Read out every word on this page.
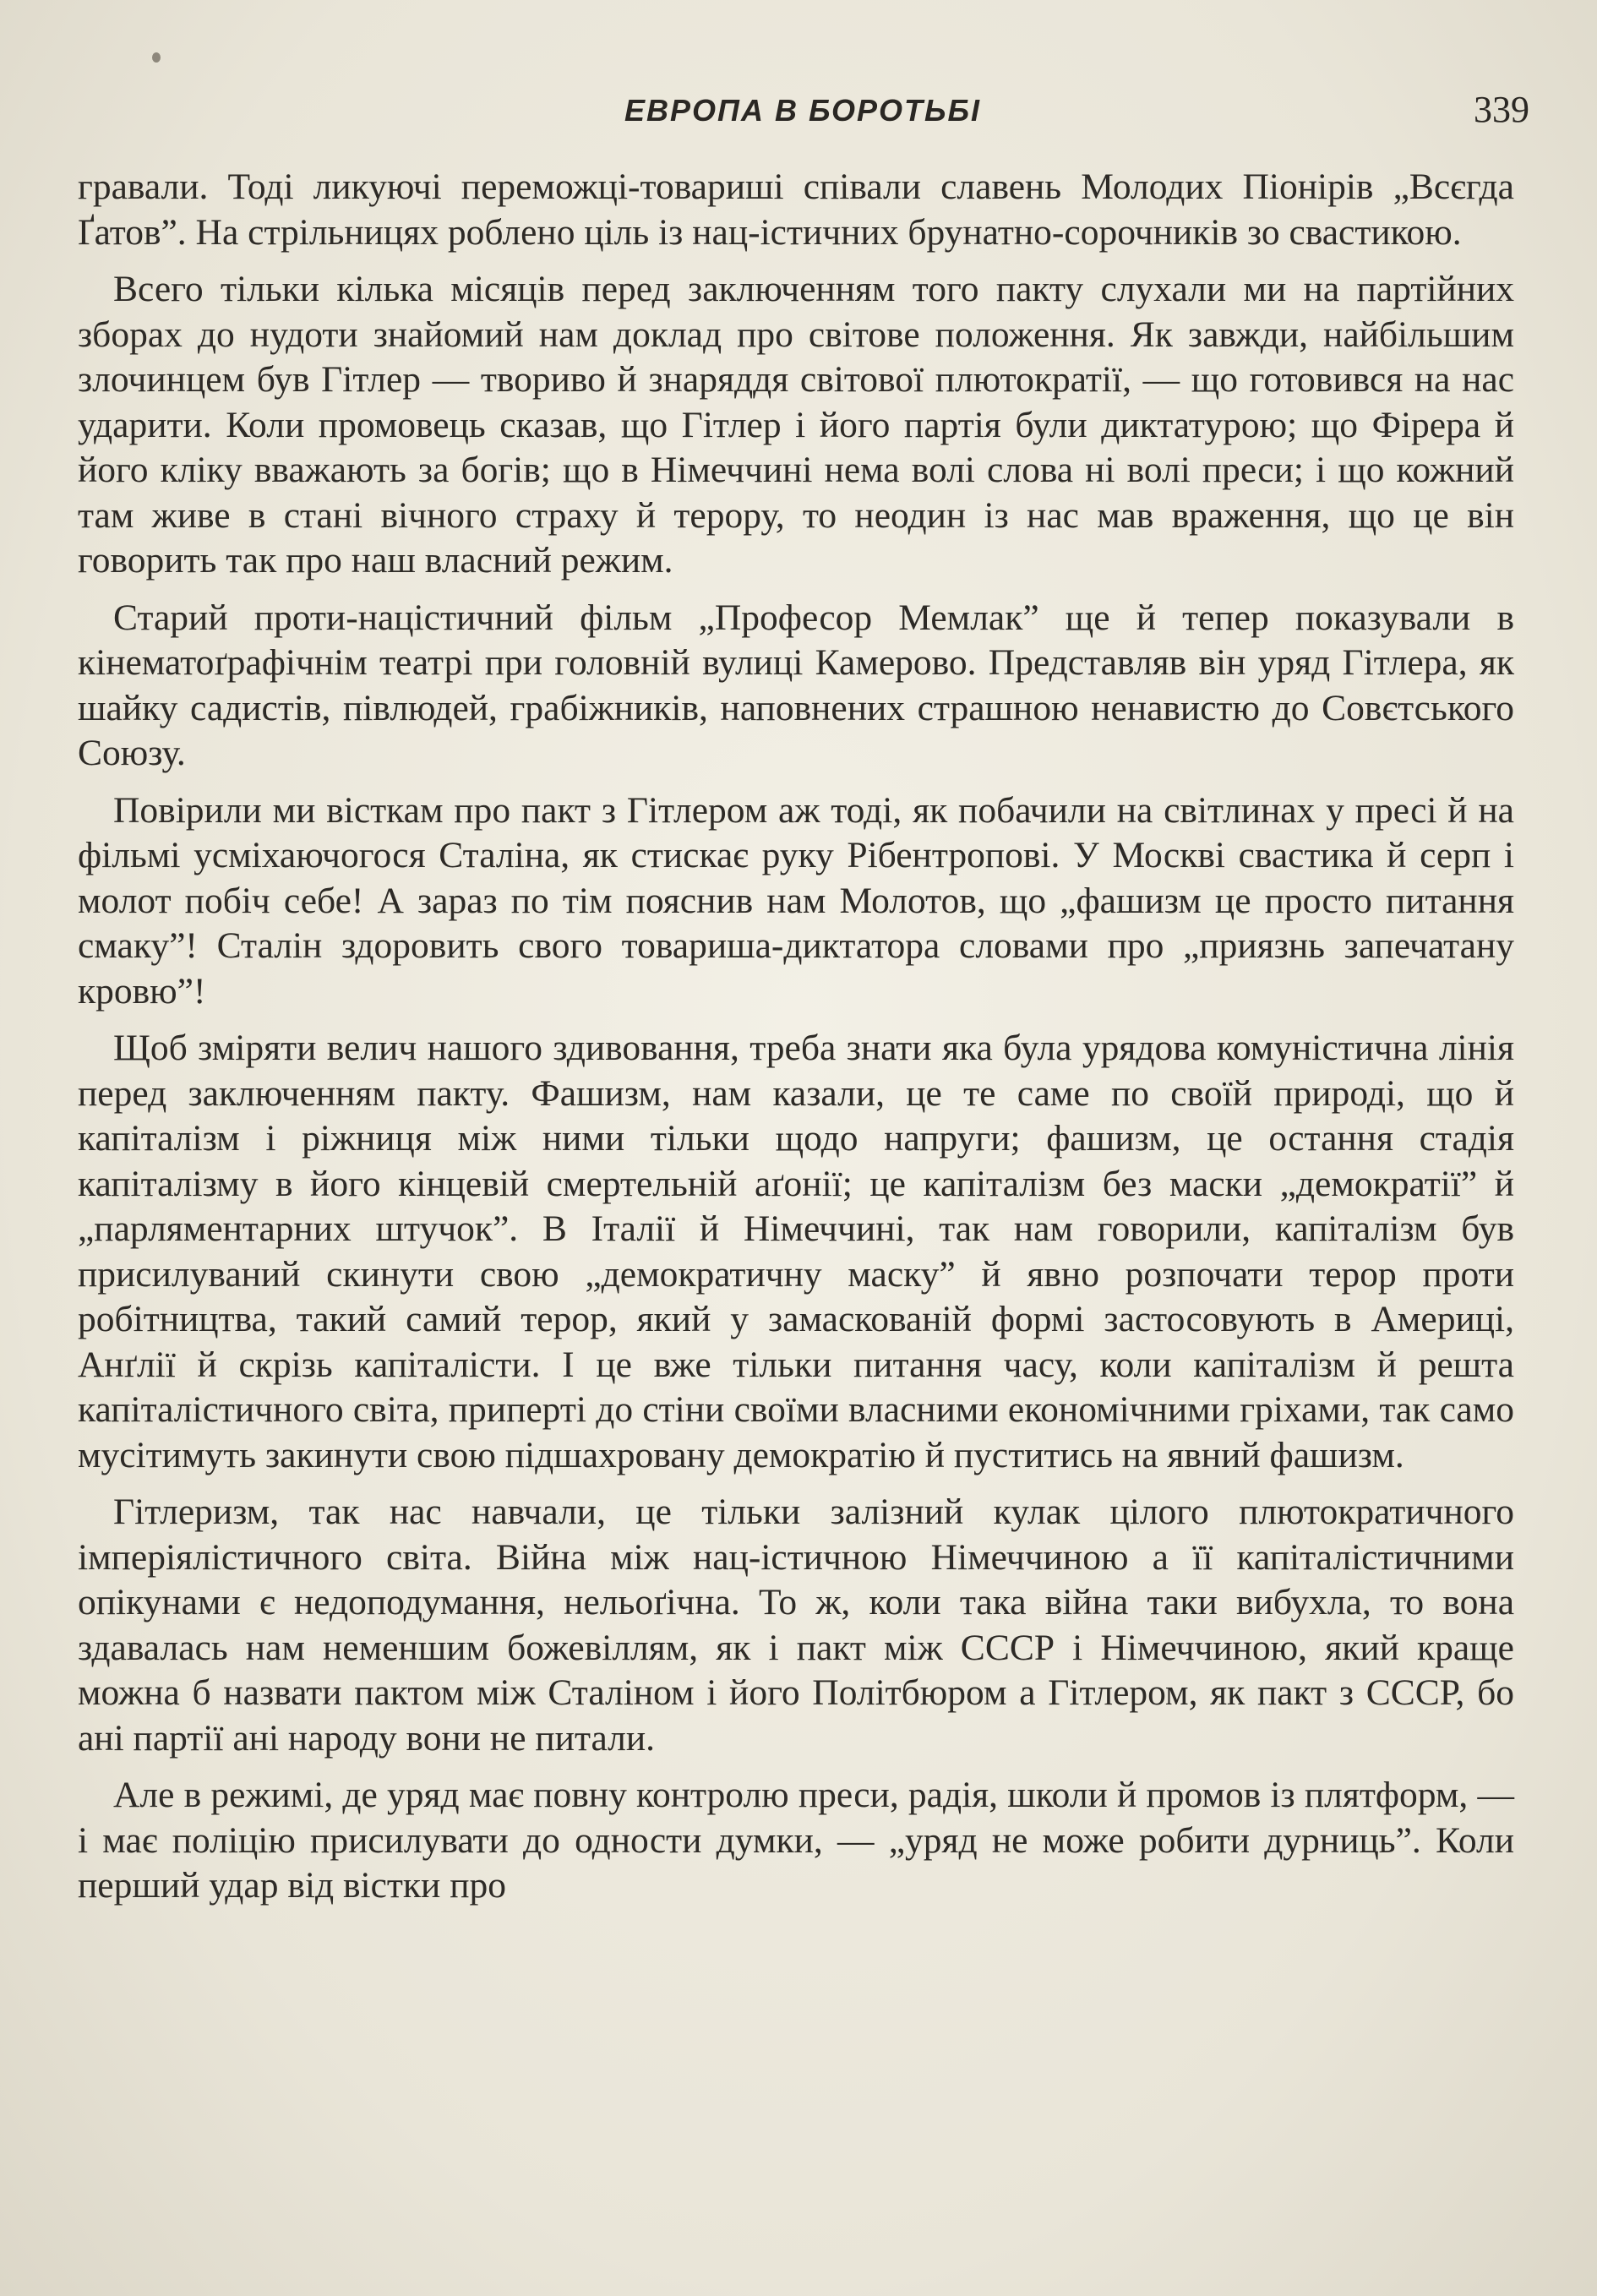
ЕВРОПА В БОРОТЬБІ	339

гравали. Тоді ликуючі переможці-товариші співали славень Молодих Піонірів „Всєгда Ґатов”. На стрільницях роблено ціль із нац-істичних брунатно-сорочників зо свастикою.

Всего тільки кілька місяців перед заключенням того пакту слухали ми на партійних зборах до нудоти знайомий нам доклад про світове положення. Як завжди, найбільшим злочинцем був Гітлер — твориво й знаряддя світової плютократії, — що готовився на нас ударити. Коли промовець сказав, що Гітлер і його партія були диктатурою; що Фірера й його кліку вважають за богів; що в Німеччині нема волі слова ні волі преси; і що кожний там живе в стані вічного страху й терору, то неодин із нас мав враження, що це він говорить так про наш власний режим.

Старий проти-націстичний фільм „Професор Мемлак” ще й тепер показували в кінематоґрафічнім театрі при головній вулиці Камерово. Представляв він уряд Гітлера, як шайку садистів, півлюдей, грабіжників, наповнених страшною ненавистю до Совєтського Союзу.

Повірили ми вісткам про пакт з Гітлером аж тоді, як побачили на світлинах у пресі й на фільмі усміхаючогося Сталіна, як стискає руку Рібентропові. У Москві свастика й серп і молот побіч себе! А зараз по тім пояснив нам Молотов, що „фашизм це просто питання смаку”! Сталін здоровить свого товариша-диктатора словами про „приязнь запечатану кровю”!

Щоб зміряти велич нашого здивовання, треба знати яка була урядова комуністична лінія перед заключенням пакту. Фашизм, нам казали, це те саме по своїй природі, що й капіталізм і ріжниця між ними тільки щодо напруги; фашизм, це остання стадія капіталізму в його кінцевій смертельній аґонії; це капіталізм без маски „демократії” й „парляментарних штучок”. В Італії й Німеччині, так нам говорили, капіталізм був присилуваний скинути свою „демократичну маску” й явно розпочати терор проти робітництва, такий самий терор, який у замаскованій формі застосовують в Америці, Анґлії й скрізь капіталісти. І це вже тільки питання часу, коли капіталізм й решта капіталістичного світа, приперті до стіни своїми власними економічними гріхами, так само мусітимуть закинути свою підшахровану демократію й пуститись на явний фашизм.

Гітлеризм, так нас навчали, це тільки залізний кулак цілого плютократичного імперіялістичного світа. Війна між нац-істичною Німеччиною а її капіталістичними опікунами є недоподумання, нельоґічна. То ж, коли така війна таки вибухла, то вона здавалась нам неменшим божевіллям, як і пакт між СССР і Німеччиною, який краще можна б назвати пактом між Сталіном і його Політбюром а Гітлером, як пакт з СССР, бо ані партії ані народу вони не питали.

Але в режимі, де уряд має повну контролю преси, радія, школи й промов із плятформ, — і має поліцію присилувати до одности думки, — „уряд не може робити дурниць”. Коли перший удар від вістки про
